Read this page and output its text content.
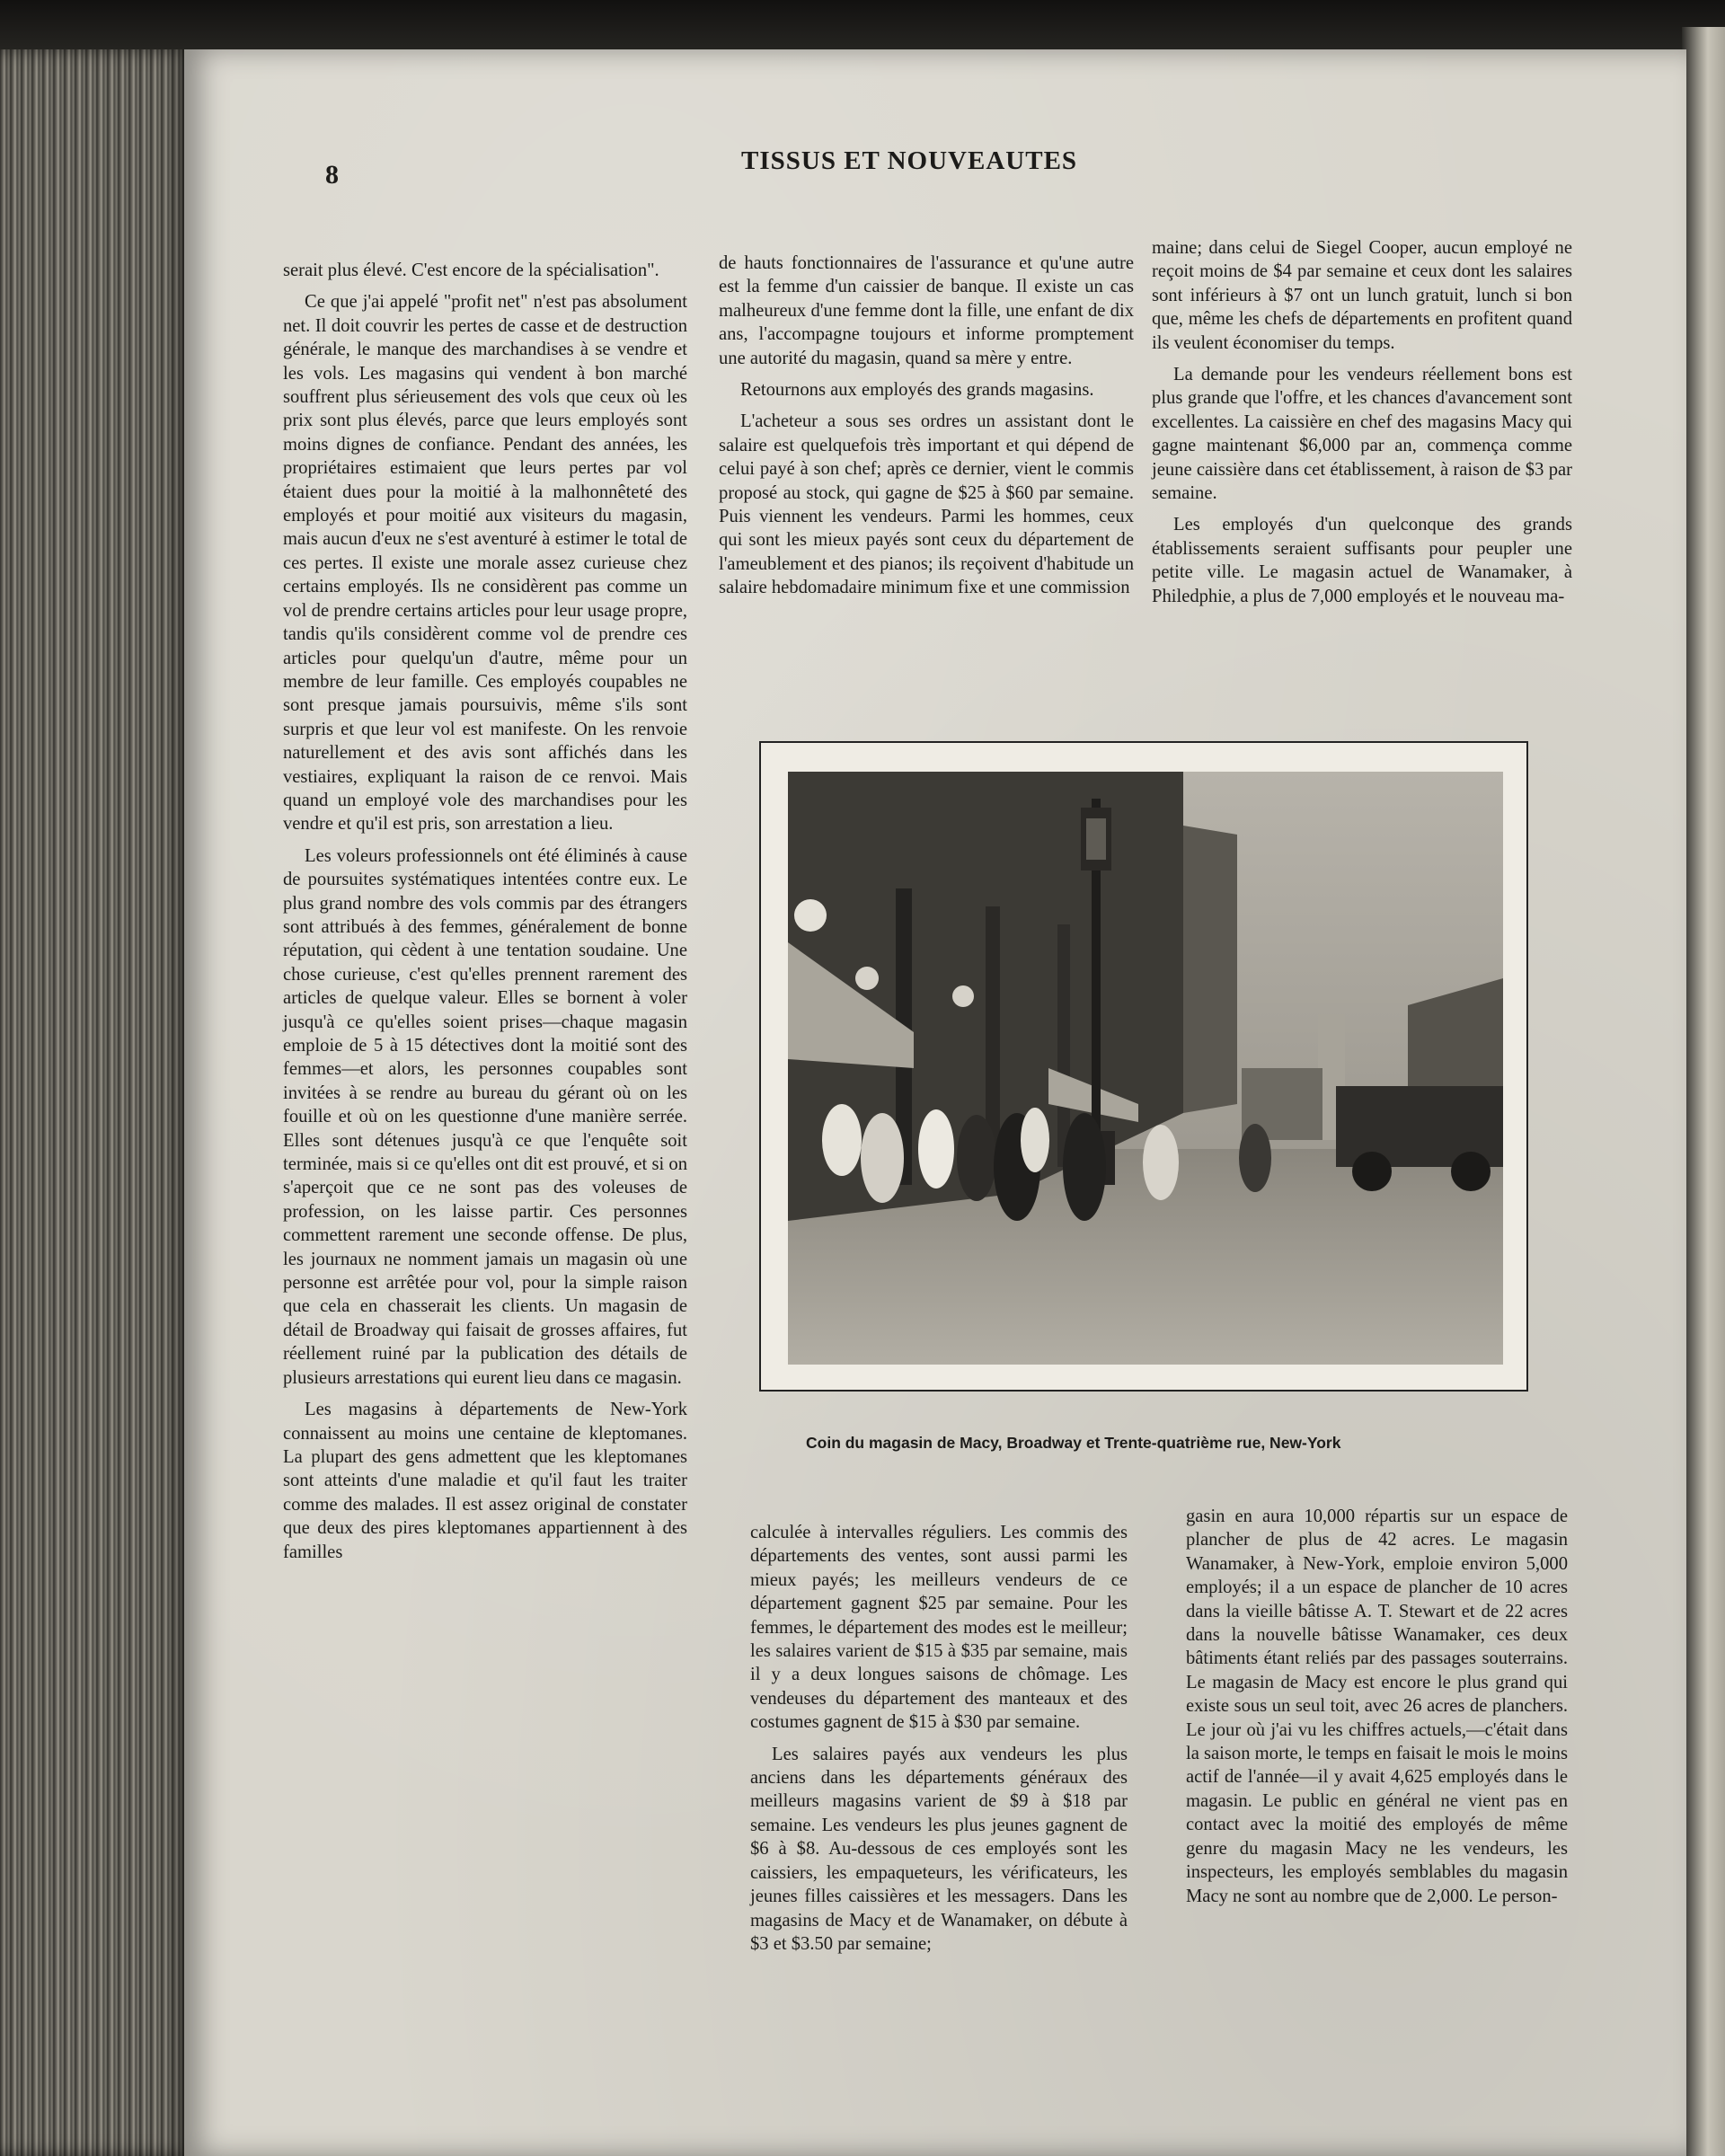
8	TISSUS ET NOUVEAUTES

serait plus élevé. C'est encore de la spécialisation".

Ce que j'ai appelé "profit net" n'est pas absolument net. Il doit couvrir les pertes de casse et de destruction générale, le manque des marchandises à se vendre et les vols. Les magasins qui vendent à bon marché souffrent plus sérieusement des vols que ceux où les prix sont plus élevés, parce que leurs employés sont moins dignes de confiance. Pendant des années, les propriétaires estimaient que leurs pertes par vol étaient dues pour la moitié à la malhonnêteté des employés et pour moitié aux visiteurs du magasin, mais aucun d'eux ne s'est aventuré à estimer le total de ces pertes. Il existe une morale assez curieuse chez certains employés. Ils ne considèrent pas comme un vol de prendre certains articles pour leur usage propre, tandis qu'ils considèrent comme vol de prendre ces articles pour quelqu'un d'autre, même pour un membre de leur famille. Ces employés coupables ne sont presque jamais poursuivis, même s'ils sont surpris et que leur vol est manifeste. On les renvoie naturellement et des avis sont affichés dans les vestiaires, expliquant la raison de ce renvoi. Mais quand un employé vole des marchandises pour les vendre et qu'il est pris, son arrestation a lieu.

Les voleurs professionnels ont été éliminés à cause de poursuites systématiques intentées contre eux. Le plus grand nombre des vols commis par des étrangers sont attribués à des femmes, généralement de bonne réputation, qui cèdent à une tentation soudaine. Une chose curieuse, c'est qu'elles prennent rarement des articles de quelque valeur. Elles se bornent à voler jusqu'à ce qu'elles soient prises—chaque magasin emploie de 5 à 15 détectives dont la moitié sont des femmes—et alors, les personnes coupables sont invitées à se rendre au bureau du gérant où on les fouille et où on les questionne d'une manière serrée. Elles sont détenues jusqu'à ce que l'enquête soit terminée, mais si ce qu'elles ont dit est prouvé, et si on s'aperçoit que ce ne sont pas des voleuses de profession, on les laisse partir. Ces personnes commettent rarement une seconde offense. De plus, les journaux ne nomment jamais un magasin où une personne est arrêtée pour vol, pour la simple raison que cela en chasserait les clients. Un magasin de détail de Broadway qui faisait de grosses affaires, fut réellement ruiné par la publication des détails de plusieurs arrestations qui eurent lieu dans ce magasin.

Les magasins à départements de New-York connaissent au moins une centaine de kleptomanes. La plupart des gens admettent que les kleptomanes sont atteints d'une maladie et qu'il faut les traiter comme des malades. Il est assez original de constater que deux des pires kleptomanes appartiennent à des familles

de hauts fonctionnaires de l'assurance et qu'une autre est la femme d'un caissier de banque. Il existe un cas malheureux d'une femme dont la fille, une enfant de dix ans, l'accompagne toujours et informe promptement une autorité du magasin, quand sa mère y entre.

Retournons aux employés des grands magasins.

L'acheteur a sous ses ordres un assistant dont le salaire est quelquefois très important et qui dépend de celui payé à son chef; après ce dernier, vient le commis proposé au stock, qui gagne de $25 à $60 par semaine. Puis viennent les vendeurs. Parmi les hommes, ceux qui sont les mieux payés sont ceux du département de l'ameublement et des pianos; ils reçoivent d'habitude un salaire hebdomadaire minimum fixe et une commission

maine; dans celui de Siegel Cooper, aucun employé ne reçoit moins de $4 par semaine et ceux dont les salaires sont inférieurs à $7 ont un lunch gratuit, lunch si bon que, même les chefs de départements en profitent quand ils veulent économiser du temps.

La demande pour les vendeurs réellement bons est plus grande que l'offre, et les chances d'avancement sont excellentes. La caissière en chef des magasins Macy qui gagne maintenant $6,000 par an, commença comme jeune caissière dans cet établissement, à raison de $3 par semaine.

Les employés d'un quelconque des grands établissements seraient suffisants pour peupler une petite ville. Le magasin actuel de Wanamaker, à Philedphie, a plus de 7,000 employés et le nouveau ma-

Coin du magasin de Macy, Broadway et Trente-quatrième rue, New-York

calculée à intervalles réguliers. Les commis des départements des ventes, sont aussi parmi les mieux payés; les meilleurs vendeurs de ce département gagnent $25 par semaine. Pour les femmes, le département des modes est le meilleur; les salaires varient de $15 à $35 par semaine, mais il y a deux longues saisons de chômage. Les vendeuses du département des manteaux et des costumes gagnent de $15 à $30 par semaine.

Les salaires payés aux vendeurs les plus anciens dans les départements généraux des meilleurs magasins varient de $9 à $18 par semaine. Les vendeurs les plus jeunes gagnent de $6 à $8. Au-dessous de ces employés sont les caissiers, les empaqueteurs, les vérificateurs, les jeunes filles caissières et les messagers. Dans les magasins de Macy et de Wanamaker, on débute à $3 et $3.50 par semaine;

gasin en aura 10,000 répartis sur un espace de plancher de plus de 42 acres. Le magasin Wanamaker, à New-York, emploie environ 5,000 employés; il a un espace de plancher de 10 acres dans la vieille bâtisse A. T. Stewart et de 22 acres dans la nouvelle bâtisse Wanamaker, ces deux bâtiments étant reliés par des passages souterrains. Le magasin de Macy est encore le plus grand qui existe sous un seul toit, avec 26 acres de planchers. Le jour où j'ai vu les chiffres actuels,—c'était dans la saison morte, le temps en faisait le mois le moins actif de l'année—il y avait 4,625 employés dans le magasin. Le public en général ne vient pas en contact avec la moitié des employés de même genre du magasin Macy ne les vendeurs, les inspecteurs, les employés semblables du magasin Macy ne sont au nombre que de 2,000. Le person-
